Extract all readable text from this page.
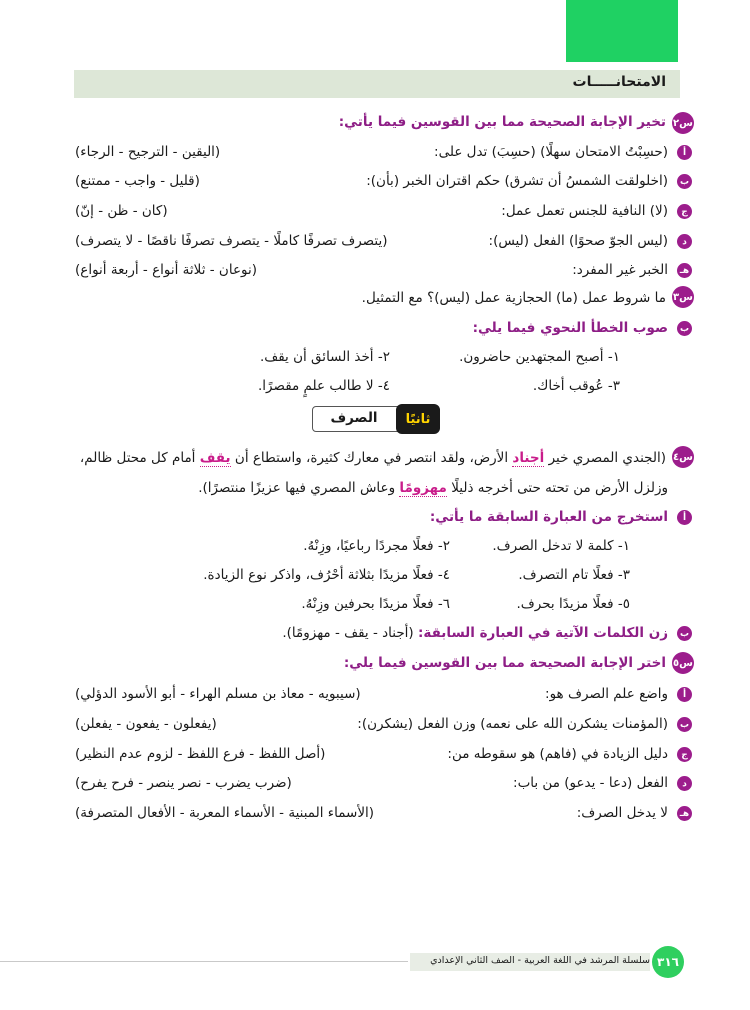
الامتحانـــــات
س٢
تخير الإجابة الصحيحة مما بين القوسين فيما يأتي:
أ
(حسِبْتُ الامتحان سهلًا) (حسِبَ) تدل على:
(اليقين - الترجيح - الرجاء)
ب
(اخلولقت الشمسُ أن تشرق) حكم اقتران الخبر (بأن):
(قليل - واجب - ممتنع)
ج
(لا) النافية للجنس تعمل عمل:
(كان - ظن - إنّ)
د
(ليس الجوّ صحوًا) الفعل (ليس):
(يتصرف تصرفًا كاملًا - يتصرف تصرفًا ناقصًا - لا يتصرف)
هـ
الخبر غير المفرد:
(نوعان - ثلاثة أنواع - أربعة أنواع)
س٣
ما شروط عمل (ما) الحجازية عمل (ليس)؟ مع التمثيل.
ب
صوب الخطأ النحوي فيما يلي:
١- أصبح المجتهدين حاضرون.
٢- أخذ السائق أن يقف.
٣- عُوقب أخاك.
٤- لا طالب علمٍ مقصرًا.
ثانيًا
الصرف
س٤
(الجندي المصري خير أجناد الأرض، ولقد انتصر في معارك كثيرة، واستطاع أن يقف أمام كل محتل ظالم،
وزلزل الأرض من تحته حتى أخرجه ذليلًا مهزومًا وعاش المصري فيها عزيزًا منتصرًا).
أ
استخرج من العبارة السابقة ما يأتي:
١- كلمة لا تدخل الصرف.
٢- فعلًا مجردًا رباعيًا، وزِنْهُ.
٣- فعلًا تام التصرف.
٤- فعلًا مزيدًا بثلاثة أحْرُف، واذكر نوع الزيادة.
٥- فعلًا مزيدًا بحرف.
٦- فعلًا مزيدًا بحرفين وزِنْهُ.
ب
زن الكلمات الآتية في العبارة السابقة: (أجناد - يقف - مهزومًا).
س٥
اختر الإجابة الصحيحة مما بين القوسين فيما يلي:
أ
واضع علم الصرف هو:
(سيبويه - معاذ بن مسلم الهراء - أبو الأسود الدؤلي)
ب
(المؤمنات يشكرن الله على نعمه) وزن الفعل (يشكرن):
(يفعلون - يفعون - يفعلن)
ج
دليل الزيادة في (فاهم) هو سقوطه من:
(أصل اللفظ - فرع اللفظ - لزوم عدم النظير)
د
الفعل (دعا - يدعو) من باب:
(ضرب يضرب - نصر ينصر - فرح يفرح)
هـ
لا يدخل الصرف:
(الأسماء المبنية - الأسماء المعربة - الأفعال المتصرفة)
سلسلة المرشد في اللغة العربية - الصف الثاني الإعدادي ٣١٦
